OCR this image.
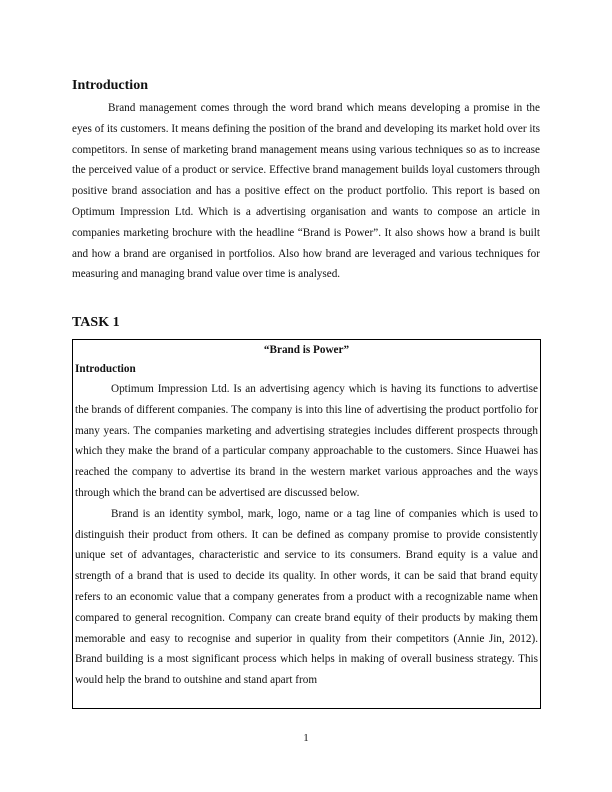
Introduction

Brand management comes through the word brand which means developing a promise in the eyes of its customers. It means defining the position of the brand and developing its market hold over its competitors. In sense of marketing brand management means using various techniques so as to increase the perceived value of a product or service. Effective brand management builds loyal customers through positive brand association and has a positive effect on the product portfolio. This report is based on Optimum Impression Ltd. Which is a advertising organisation and wants to compose an article in companies marketing brochure with the headline “Brand is Power”. It also shows how a brand is built and how a brand are organised in portfolios. Also how brand are leveraged and various techniques for measuring and managing brand value over time is analysed.

TASK 1

“Brand is Power”

Introduction

Optimum Impression Ltd. Is an advertising agency which is having its functions to advertise the brands of different companies. The company is into this line of advertising the product portfolio for many years. The companies marketing and advertising strategies includes different prospects through which they make the brand of a particular company approachable to the customers. Since Huawei has reached the company to advertise its brand in the western market various approaches and the ways through which the brand can be advertised are discussed below.

Brand is an identity symbol, mark, logo, name or a tag line of companies which is used to distinguish their product from others. It can be defined as company promise to provide consistently unique set of advantages, characteristic and service to its consumers. Brand equity is a value and strength of a brand that is used to decide its quality. In other words, it can be said that brand equity refers to an economic value that a company generates from a product with a recognizable name when compared to general recognition. Company can create brand equity of their products by making them memorable and easy to recognise and superior in quality from their competitors (Annie Jin, 2012). Brand building is a most significant process which helps in making of overall business strategy. This would help the brand to outshine and stand apart from

1
